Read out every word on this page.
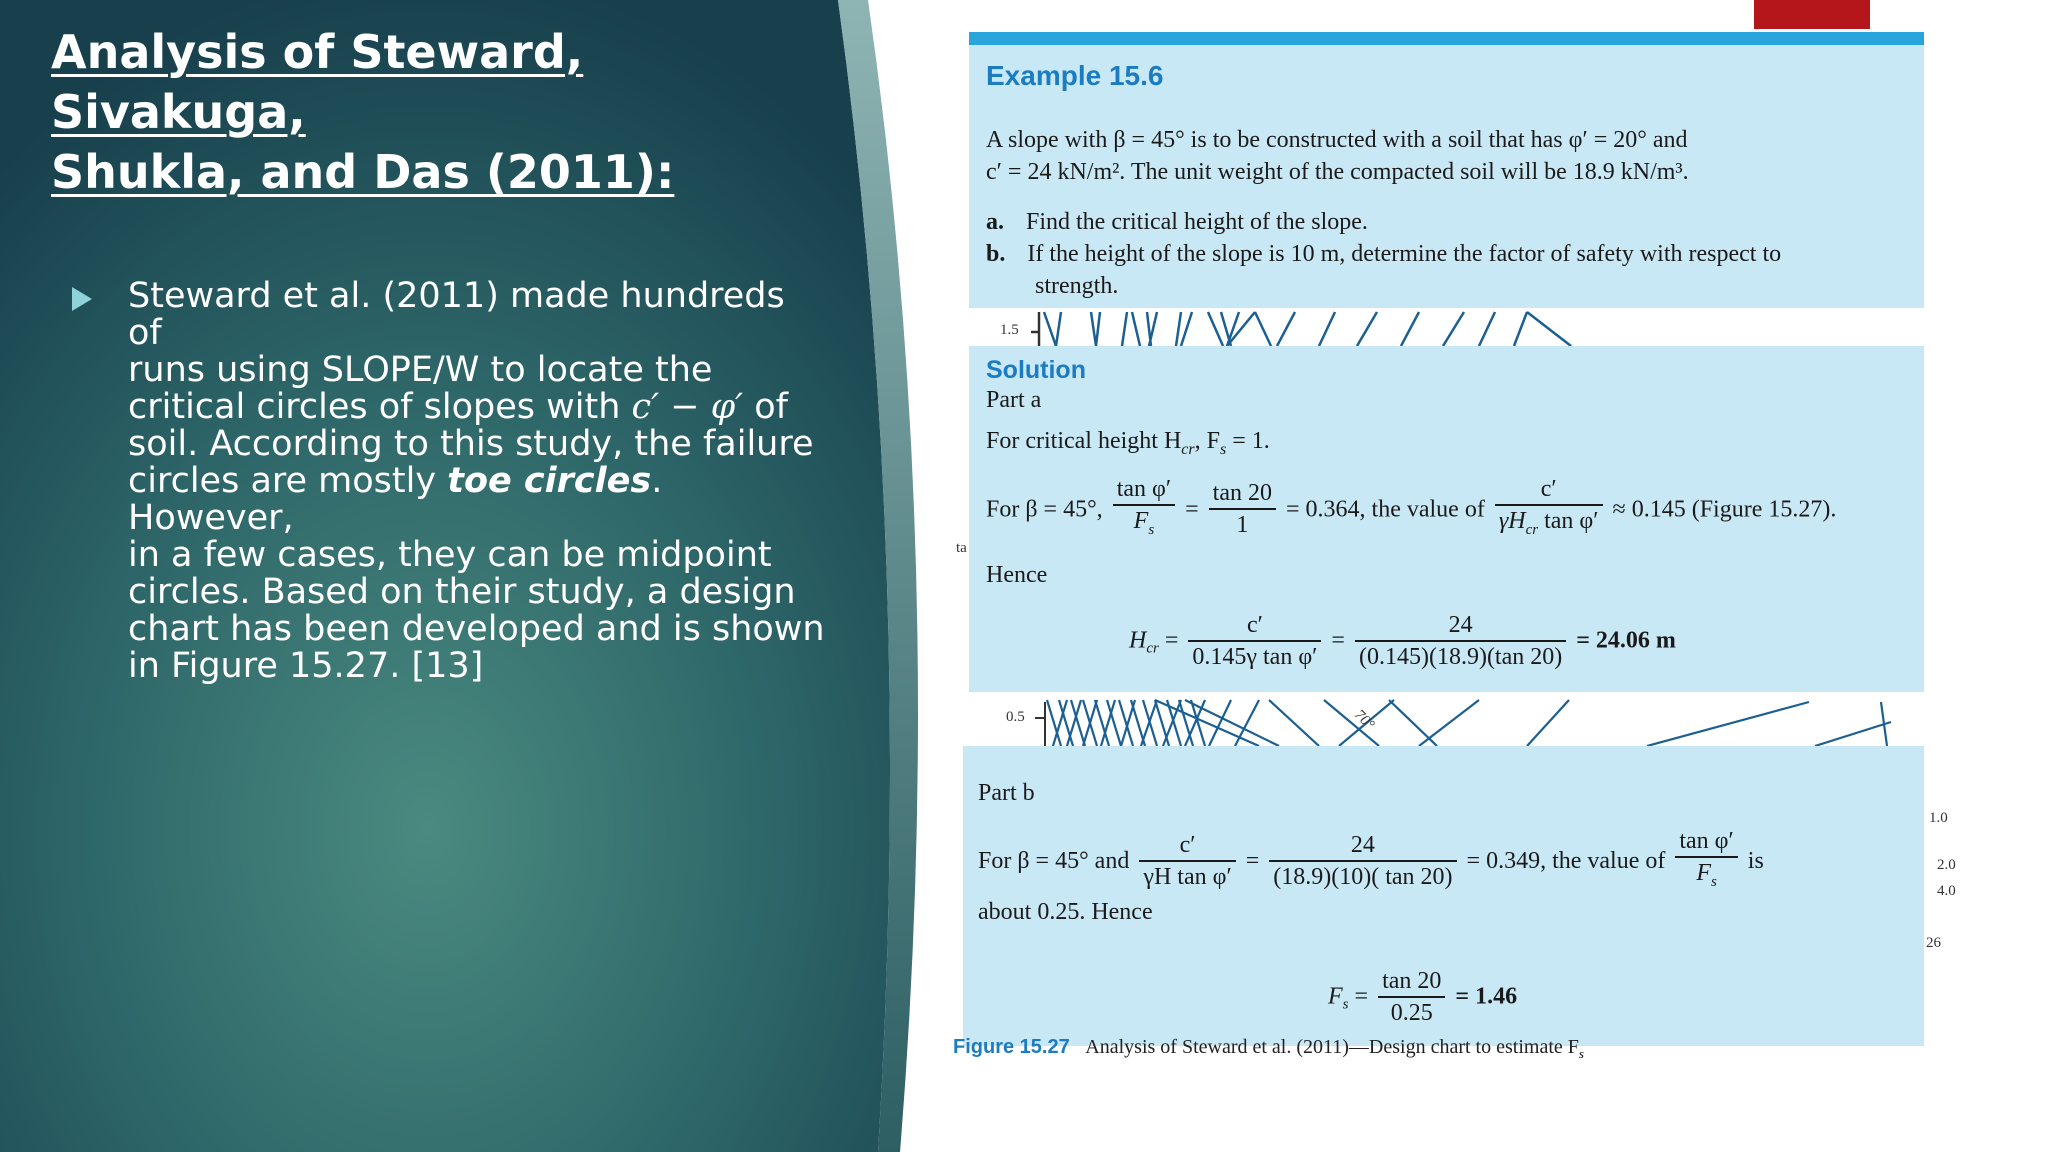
Analysis of Steward, Sivakuga,
Shukla, and Das (2011):
Steward et al. (2011) made hundreds of
runs using SLOPE/W to locate the
critical circles of slopes with c′ − φ′ of
soil. According to this study, the failure
circles are mostly toe circles. However,
in a few cases, they can be midpoint
circles. Based on their study, a design
chart has been developed and is shown
in Figure 15.27. [13]
Example 15.6
A slope with β = 45° is to be constructed with a soil that has φ′ = 20° and
c′ = 24 kN/m². The unit weight of the compacted soil will be 18.9 kN/m³.
a. Find the critical height of the slope.
b. If the height of the slope is 10 m, determine the factor of safety with respect to
strength.
1.5
Solution
Part a
For critical height $H_{cr}$, $F_s = 1$.
For β = 45°, $\frac{\text{tan φ′}}{F_s} = \frac{\tan 20}{1} = 0.364$, the value of $\frac{c'}{\gamma H_{cr} \tan \varphi'} \approx 0.145$ (Figure 15.27).
Hence
$H_{cr} = \frac{c'}{\text{0.145γ tan φ′}} = \frac{24}{(0.145)(18.9)(\tan 20)} = 24.06$ m
ta
0.5	70°
Part b
For β = 45° and $\frac{c'}{\text{γH tan φ′}} = \frac{24}{(18.9)(10)( \tan 20)} = 0.349$, the value of $\frac{\text{tan φ′}}{F_s}$ is
about 0.25. Hence
$F_s = \frac{\tan 20}{0.25} = 1.46$
1.0
2.0
4.0
26
Figure 15.27 Analysis of Steward et al. (2011)—Design chart to estimate $F_s$
